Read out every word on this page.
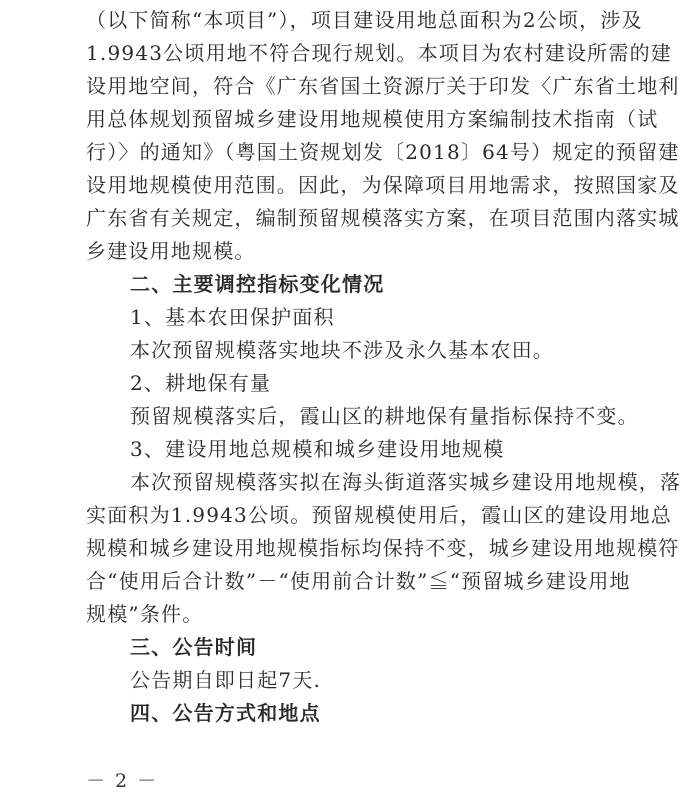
（以下简称“本项目”），项目建设用地总面积为2公顷，涉及
1.9943公顷用地不符合现行规划。本项目为农村建设所需的建
设用地空间，符合《广东省国土资源厅关于印发〈广东省土地利
用总体规划预留城乡建设用地规模使用方案编制技术指南（试
行）〉的通知》（粤国土资规划发〔2018〕64号）规定的预留建
设用地规模使用范围。因此，为保障项目用地需求，按照国家及
广东省有关规定，编制预留规模落实方案，在项目范围内落实城
乡建设用地规模。
二、主要调控指标变化情况
1、基本农田保护面积
本次预留规模落实地块不涉及永久基本农田。
2、耕地保有量
预留规模落实后，霞山区的耕地保有量指标保持不变。
3、建设用地总规模和城乡建设用地规模
本次预留规模落实拟在海头街道落实城乡建设用地规模，落
实面积为1.9943公顷。预留规模使用后，霞山区的建设用地总
规模和城乡建设用地规模指标均保持不变，城乡建设用地规模符
合“使用后合计数”－“使用前合计数”≦“预留城乡建设用地
规模”条件。
三、公告时间
公告期自即日起7天.
四、公告方式和地点
－ 2 －
